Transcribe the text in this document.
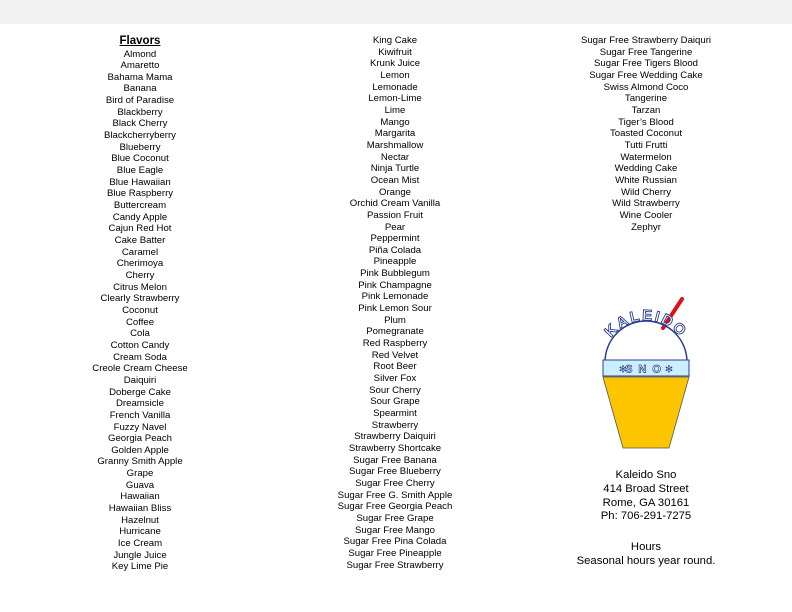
Flavors
Almond
Amaretto
Bahama Mama
Banana
Bird of Paradise
Blackberry
Black Cherry
Blackcherryberry
Blueberry
Blue Coconut
Blue Eagle
Blue Hawaiian
Blue Raspberry
Buttercream
Candy Apple
Cajun Red Hot
Cake Batter
Caramel
Cherimoya
Cherry
Citrus Melon
Clearly Strawberry
Coconut
Coffee
Cola
Cotton Candy
Cream Soda
Creole Cream Cheese
Daiquiri
Doberge Cake
Dreamsicle
French Vanilla
Fuzzy Navel
Georgia Peach
Golden Apple
Granny Smith Apple
Grape
Guava
Hawaiian
Hawaiian Bliss
Hazelnut
Hurricane
Ice Cream
Jungle Juice
Key Lime Pie
King Cake
Kiwifruit
Krunk Juice
Lemon
Lemonade
Lemon-Lime
Lime
Mango
Margarita
Marshmallow
Nectar
Ninja Turtle
Ocean Mist
Orange
Orchid Cream Vanilla
Passion Fruit
Pear
Peppermint
Piña Colada
Pineapple
Pink Bubblegum
Pink Champagne
Pink Lemonade
Pink Lemon Sour
Plum
Pomegranate
Red Raspberry
Red Velvet
Root Beer
Silver Fox
Sour Cherry
Sour Grape
Spearmint
Strawberry
Strawberry Daiquiri
Strawberry Shortcake
Sugar Free Banana
Sugar Free Blueberry
Sugar Free Cherry
Sugar Free G. Smith Apple
Sugar Free Georgia Peach
Sugar Free Grape
Sugar Free Mango
Sugar Free Pina Colada
Sugar Free Pineapple
Sugar Free Strawberry
Sugar Free Strawberry Daiquri
Sugar Free Tangerine
Sugar Free Tigers Blood
Sugar Free Wedding Cake
Swiss Almond Coco
Tangerine
Tarzan
Tiger’s Blood
Toasted Coconut
Tutti Frutti
Watermelon
Wedding Cake
White Russian
Wild Cherry
Wild Strawberry
Wine Cooler
Zephyr
KALEIDO
✻	✻
SNO
Kaleido Sno
414 Broad Street
Rome, GA 30161
Ph: 706-291-7275
Hours
Seasonal hours year round.
